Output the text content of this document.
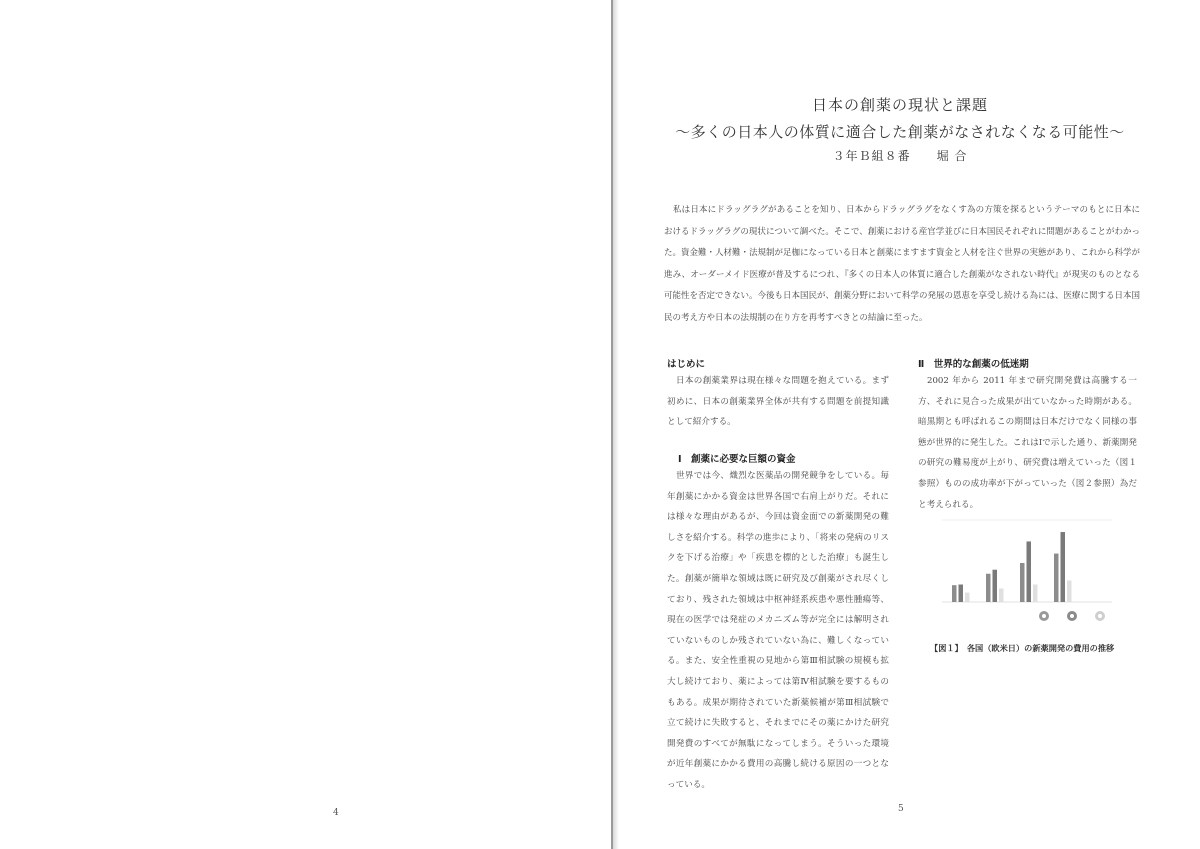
4
日本の創薬の現状と課題
～多くの日本人の体質に適合した創薬がなされなくなる可能性～
３年Ｂ組８番　　堀 合
私は日本にドラッグラグがあることを知り、日本からドラッグラグをなくす為の方策を探るというテーマのもとに日本におけるドラッグラグの現状について調べた。そこで、創薬における産官学並びに日本国民それぞれに問題があることがわかった。資金難・人材難・法規制が足枷になっている日本と創薬にますます資金と人材を注ぐ世界の実態があり、これから科学が進み、オーダーメイド医療が普及するにつれ、『多くの日本人の体質に適合した創薬がなされない時代』が現実のものとなる可能性を否定できない。今後も日本国民が、創薬分野において科学の発展の恩恵を享受し続ける為には、医療に関する日本国民の考え方や日本の法規制の在り方を再考すべきとの結論に至った。
はじめに
日本の創薬業界は現在様々な問題を抱えている。まず初めに、日本の創薬業界全体が共有する問題を前提知識として紹介する。
Ⅰ　創薬に必要な巨額の資金
世界では今、熾烈な医薬品の開発競争をしている。毎年創薬にかかる資金は世界各国で右肩上がりだ。それには様々な理由があるが、今回は資金面での新薬開発の難しさを紹介する。科学の進歩により、「将来の発病のリスクを下げる治療」や「疾患を標的とした治療」も誕生した。創薬が簡単な領域は既に研究及び創薬がされ尽くしており、残された領域は中枢神経系疾患や悪性腫瘍等、現在の医学では発症のメカニズム等が完全には解明されていないものしか残されていない為に、難しくなっている。また、安全性重視の見地から第Ⅲ相試験の規模も拡大し続けており、薬によっては第Ⅳ相試験を要するものもある。成果が期待されていた新薬候補が第Ⅲ相試験で立て続けに失敗すると、それまでにその薬にかけた研究開発費のすべてが無駄になってしまう。そういった環境が近年創薬にかかる費用の高騰し続ける原因の一つとなっている。
Ⅱ　世界的な創薬の低迷期
2002 年から 2011 年まで研究開発費は高騰する一方、それに見合った成果が出ていなかった時期がある。暗黒期とも呼ばれるこの期間は日本だけでなく同様の事態が世界的に発生した。これはⅠで示した通り、新薬開発の研究の難易度が上がり、研究費は増えていった（図１参照）ものの成功率が下がっていった（図２参照）為だと考えられる。
【図１】　各国（欧米日）の新薬開発の費用の推移
5
